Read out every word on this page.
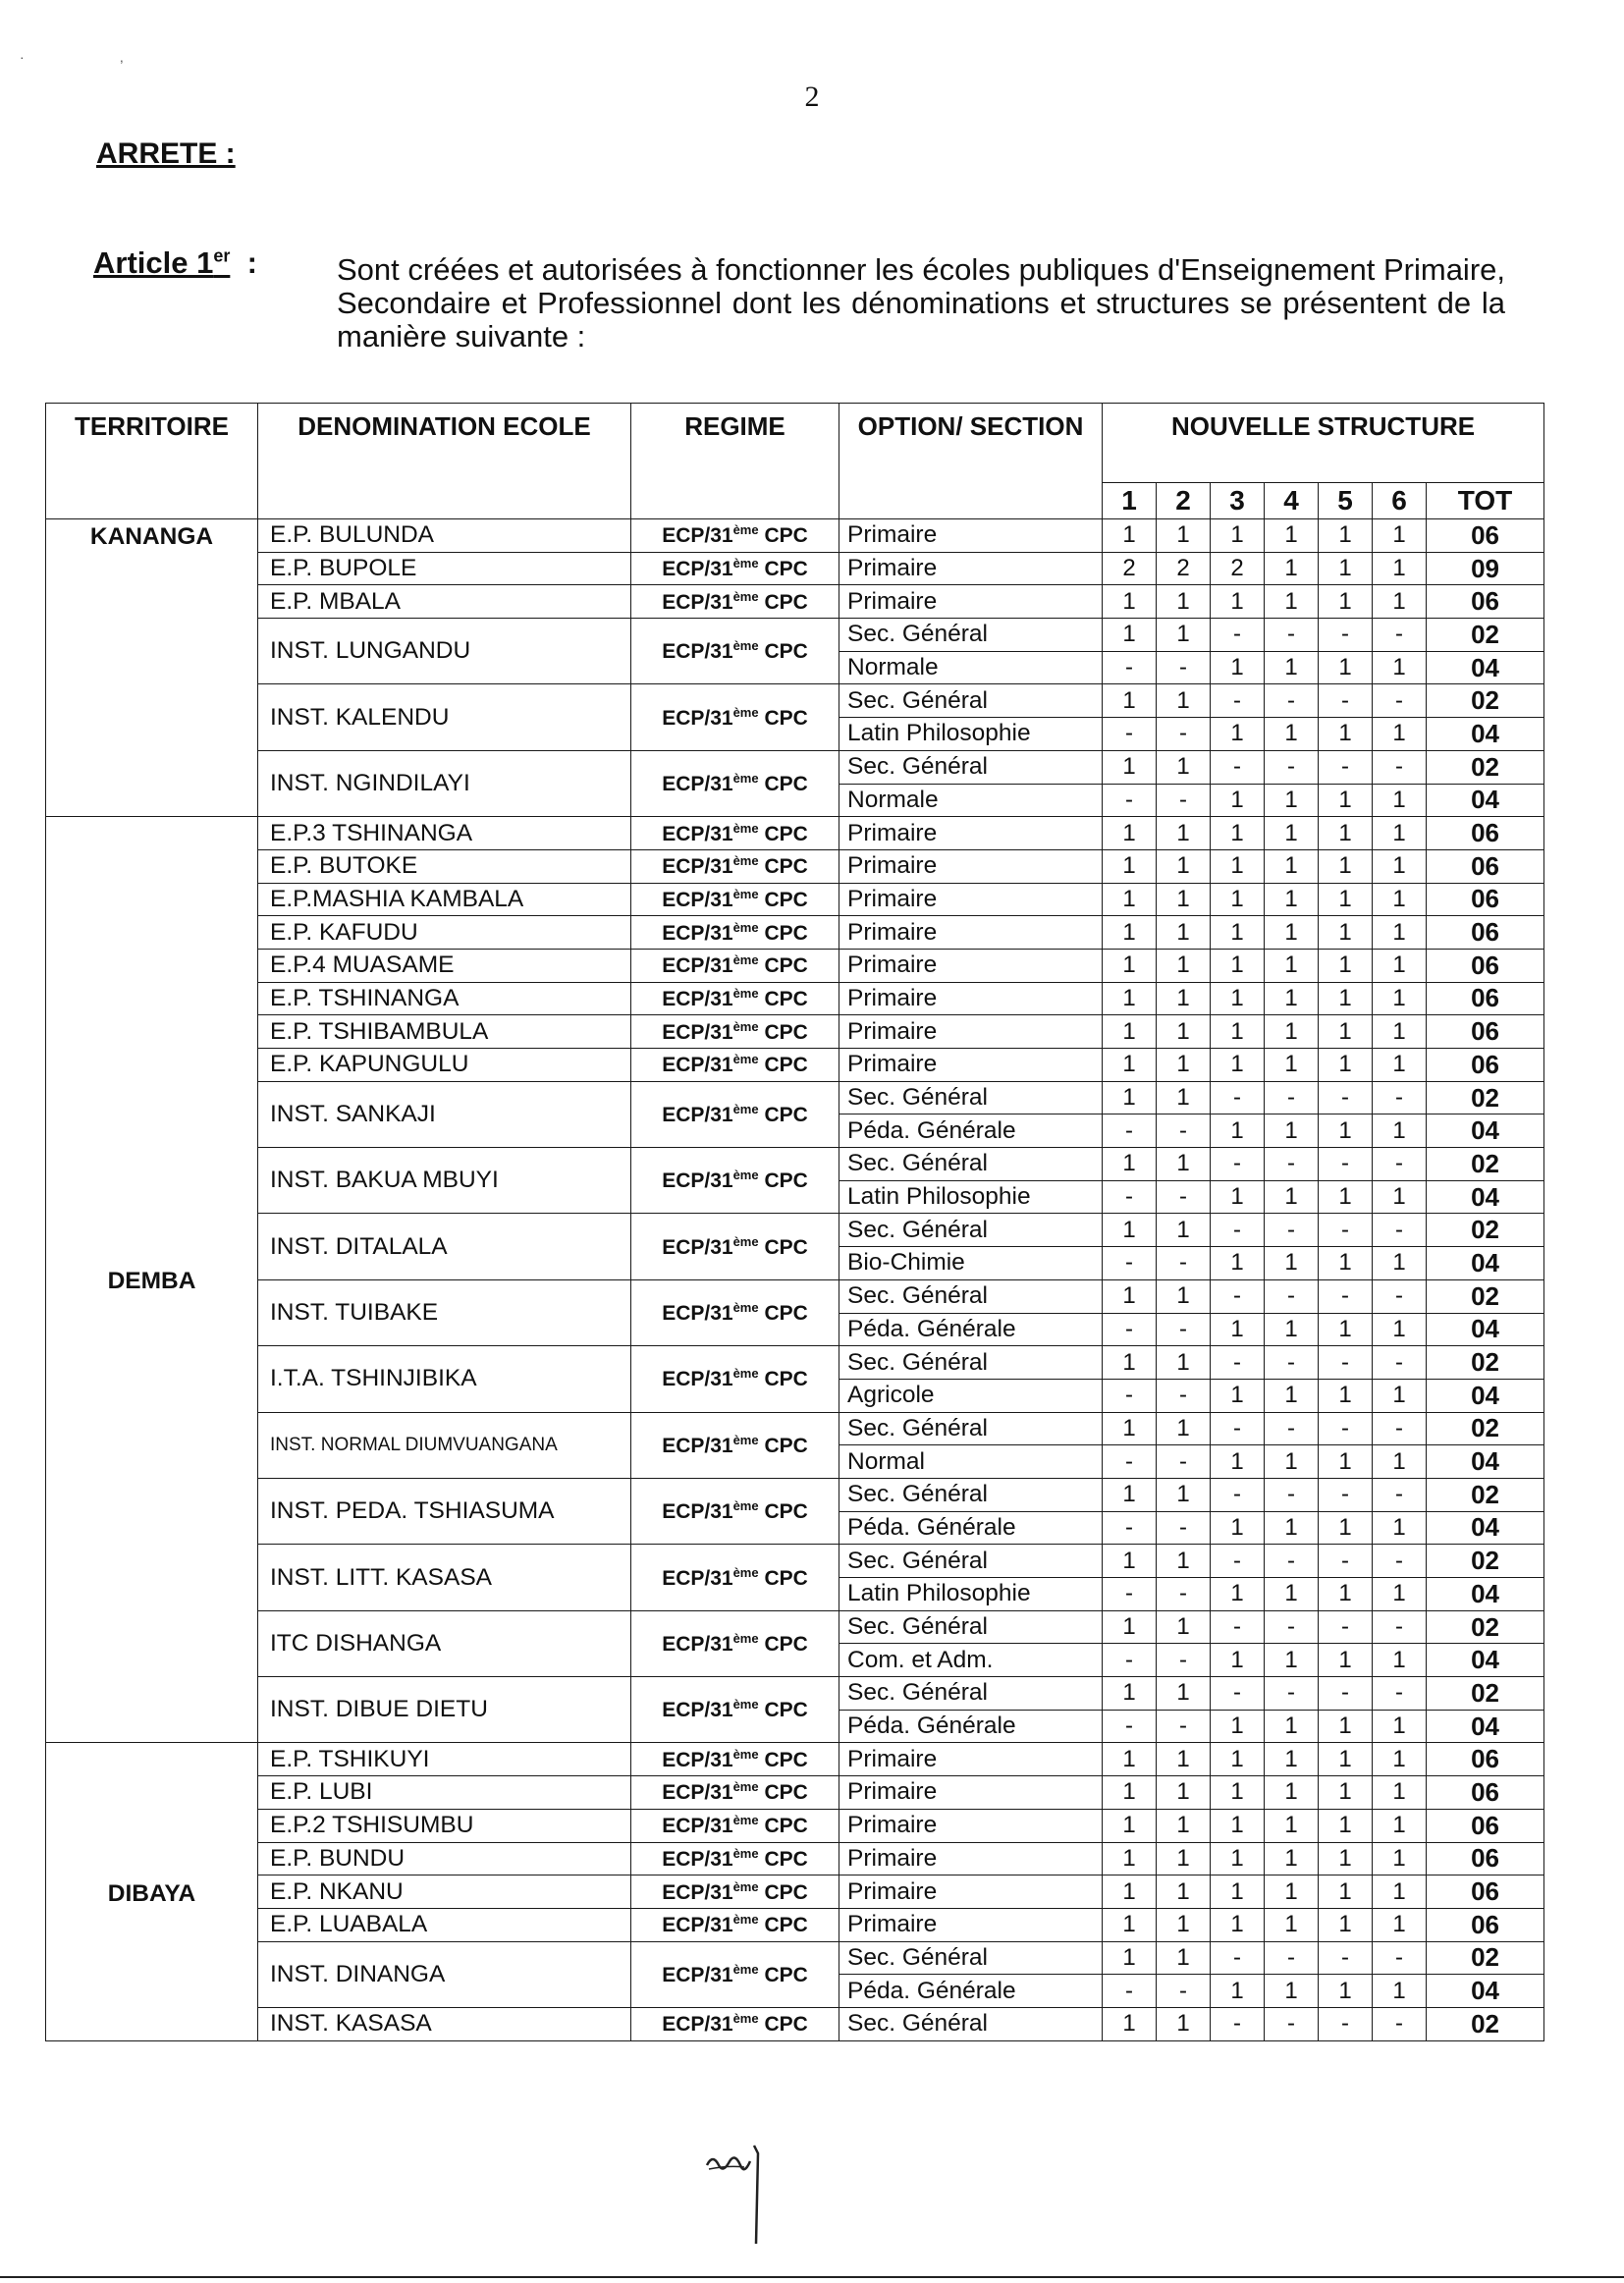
·                         ,
2
ARRETE :
Article 1er :	Sont créées et autorisées à fonctionner les écoles publiques d'Enseignement Primaire, Secondaire et Professionnel dont les dénominations et structures se présentent de la manière suivante :
TERRITOIRE	DENOMINATION ECOLE	REGIME	OPTION/ SECTION	NOUVELLE STRUCTURE						
				1	2	3	4	5	6	TOT
KANANGA	E.P. BULUNDA	ECP/31ème CPC	Primaire	1	1	1	1	1	1	06
	E.P. BUPOLE	ECP/31ème CPC	Primaire	2	2	2	1	1	1	09
	E.P. MBALA	ECP/31ème CPC	Primaire	1	1	1	1	1	1	06
	INST. LUNGANDU	ECP/31ème CPC	Sec. Général	1	1	-	-	-	-	02
			Normale	-	-	1	1	1	1	04
	INST. KALENDU	ECP/31ème CPC	Sec. Général	1	1	-	-	-	-	02
			Latin Philosophie	-	-	1	1	1	1	04
	INST. NGINDILAYI	ECP/31ème CPC	Sec. Général	1	1	-	-	-	-	02
			Normale	-	-	1	1	1	1	04
DEMBA	E.P.3 TSHINANGA	ECP/31ème CPC	Primaire	1	1	1	1	1	1	06
	E.P. BUTOKE	ECP/31ème CPC	Primaire	1	1	1	1	1	1	06
	E.P.MASHIA KAMBALA	ECP/31ème CPC	Primaire	1	1	1	1	1	1	06
	E.P. KAFUDU	ECP/31ème CPC	Primaire	1	1	1	1	1	1	06
	E.P.4 MUASAME	ECP/31ème CPC	Primaire	1	1	1	1	1	1	06
	E.P. TSHINANGA	ECP/31ème CPC	Primaire	1	1	1	1	1	1	06
	E.P. TSHIBAMBULA	ECP/31ème CPC	Primaire	1	1	1	1	1	1	06
	E.P. KAPUNGULU	ECP/31ème CPC	Primaire	1	1	1	1	1	1	06
	INST. SANKAJI	ECP/31ème CPC	Sec. Général	1	1	-	-	-	-	02
			Péda. Générale	-	-	1	1	1	1	04
	INST. BAKUA MBUYI	ECP/31ème CPC	Sec. Général	1	1	-	-	-	-	02
			Latin Philosophie	-	-	1	1	1	1	04
	INST. DITALALA	ECP/31ème CPC	Sec. Général	1	1	-	-	-	-	02
			Bio-Chimie	-	-	1	1	1	1	04
	INST. TUIBAKE	ECP/31ème CPC	Sec. Général	1	1	-	-	-	-	02
			Péda. Générale	-	-	1	1	1	1	04
	I.T.A. TSHINJIBIKA	ECP/31ème CPC	Sec. Général	1	1	-	-	-	-	02
			Agricole	-	-	1	1	1	1	04
	INST. NORMAL DIUMVUANGANA	ECP/31ème CPC	Sec. Général	1	1	-	-	-	-	02
			Normal	-	-	1	1	1	1	04
	INST. PEDA. TSHIASUMA	ECP/31ème CPC	Sec. Général	1	1	-	-	-	-	02
			Péda. Générale	-	-	1	1	1	1	04
	INST. LITT. KASASA	ECP/31ème CPC	Sec. Général	1	1	-	-	-	-	02
			Latin Philosophie	-	-	1	1	1	1	04
	ITC DISHANGA	ECP/31ème CPC	Sec. Général	1	1	-	-	-	-	02
			Com. et Adm.	-	-	1	1	1	1	04
	INST. DIBUE DIETU	ECP/31ème CPC	Sec. Général	1	1	-	-	-	-	02
			Péda. Générale	-	-	1	1	1	1	04
DIBAYA	E.P. TSHIKUYI	ECP/31ème CPC	Primaire	1	1	1	1	1	1	06
	E.P. LUBI	ECP/31ème CPC	Primaire	1	1	1	1	1	1	06
	E.P.2 TSHISUMBU	ECP/31ème CPC	Primaire	1	1	1	1	1	1	06
	E.P. BUNDU	ECP/31ème CPC	Primaire	1	1	1	1	1	1	06
	E.P. NKANU	ECP/31ème CPC	Primaire	1	1	1	1	1	1	06
	E.P. LUABALA	ECP/31ème CPC	Primaire	1	1	1	1	1	1	06
	INST. DINANGA	ECP/31ème CPC	Sec. Général	1	1	-	-	-	-	02
			Péda. Générale	-	-	1	1	1	1	04
	INST. KASASA	ECP/31ème CPC	Sec. Général	1	1	-	-	-	-	02
